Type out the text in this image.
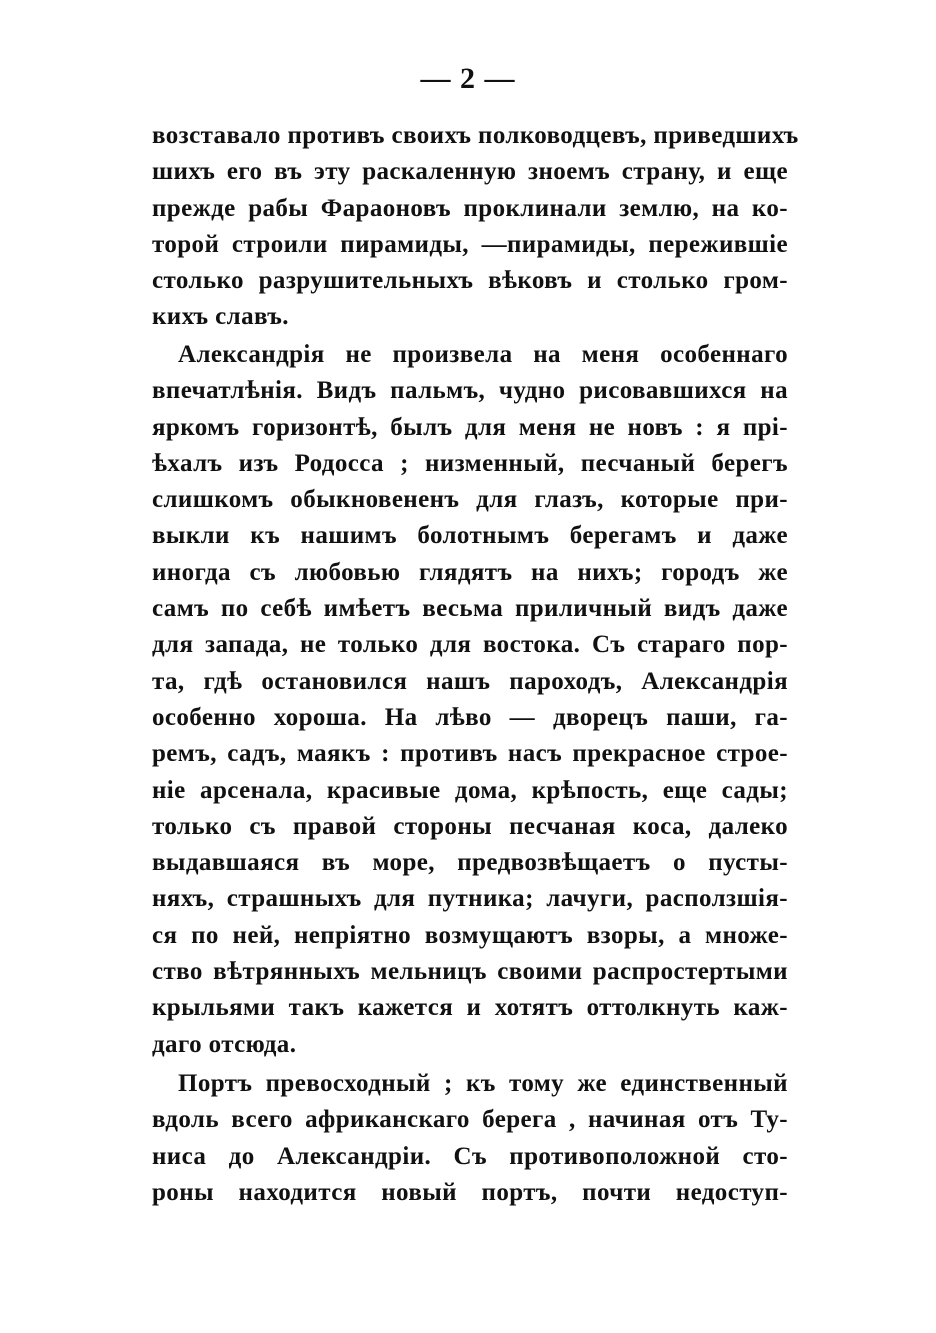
— 2 —
возставало противъ своихъ полководцевъ, приведшихъ
шихъ его въ эту раскаленную зноемъ страну, и еще
прежде рабы Фараоновъ проклинали землю, на ко-
торой строили пирамиды, —пирамиды, пережившіе
столько разрушительныхъ вѣковъ и столько гром-
кихъ славъ.
Александрія не произвела на меня особеннаго
впечатлѣнія. Видъ пальмъ, чудно рисовавшихся на
яркомъ горизонтѣ, былъ для меня не новъ : я прі-
ѣхалъ изъ Родосса ; низменный, песчаный берегъ
слишкомъ обыкновененъ для глазъ, которые при-
выкли къ нашимъ болотнымъ берегамъ и даже
иногда съ любовью глядятъ на нихъ; городъ же
самъ по себѣ имѣетъ весьма приличный видъ даже
для запада, не только для востока. Съ стараго пор-
та, гдѣ остановился нашъ пароходъ, Александрія
особенно хороша. На лѣво — дворецъ паши, га-
ремъ, садъ, маякъ : противъ насъ прекрасное строе-
ніе арсенала, красивые дома, крѣпость, еще сады;
только съ правой стороны песчаная коса, далеко
выдавшаяся въ море, предвозвѣщаетъ о пусты-
няхъ, страшныхъ для путника; лачуги, расползшія-
ся по ней, непріятно возмущаютъ взоры, а множе-
ство вѣтрянныхъ мельницъ своими распростертыми
крыльями такъ кажется и хотятъ оттолкнуть каж-
даго отсюда.
Портъ превосходный ; къ тому же единственный
вдоль всего африканскаго берега , начиная отъ Ту-
ниса до Александріи. Съ противоположной сто-
роны находится новый портъ, почти недоступ-
